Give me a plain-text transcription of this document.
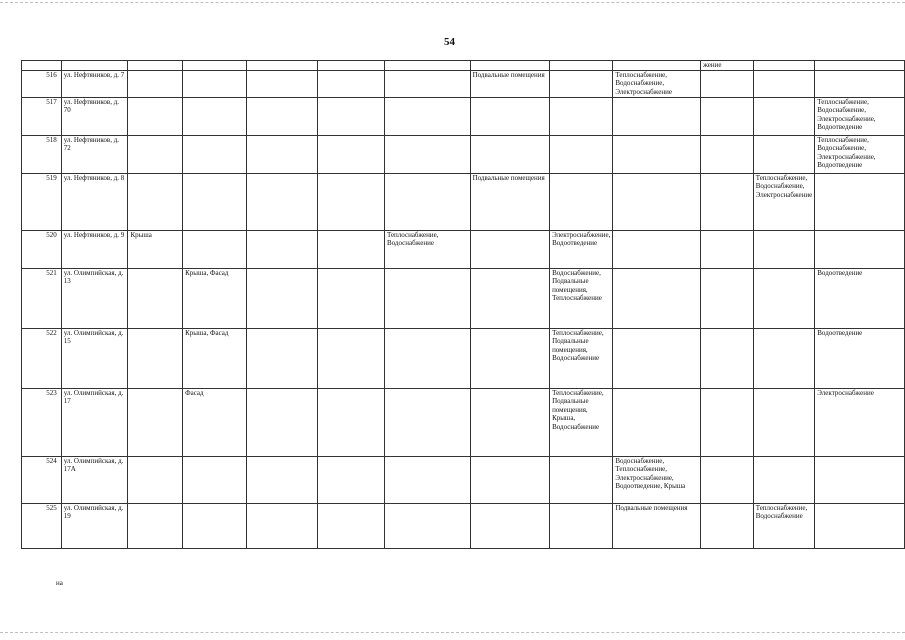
54
										жение		
516	ул. Нефтяников, д. 7						Подвальные помещения		Теплоснабжение, Водоснабжение, Электроснабжение			
517	ул. Нефтяников, д. 70											Теплоснабжение, Водоснабжение, Электроснабжение, Водоотведение
518	ул. Нефтяников, д. 72											Теплоснабжение, Водоснабжение, Электроснабжение, Водоотведение
519	ул. Нефтяников, д. 8						Подвальные помещения				Теплоснабжение, Водоснабжение, Электроснабжение	
520	ул. Нефтяников, д. 9	Крыша				Теплоснабжение, Водоснабжение		Электроснабжение, Водоотведение				
521	ул. Олимпийская, д. 13		Крыша, Фасад					Водоснабжение, Подвальные помещения, Теплоснабжение				Водоотведение
522	ул. Олимпийская, д. 15		Крыша, Фасад					Теплоснабжение, Подвальные помещения, Водоснабжение				Водоотведение
523	ул. Олимпийская, д. 17		Фасад					Теплоснабжение, Подвальные помещения, Крыша, Водоснабжение				Электроснабжение
524	ул. Олимпийская, д. 17А								Водоснабжение, Теплоснабжение, Электроснабжение, Водоотведение, Крыша			
525	ул. Олимпийская, д. 19								Подвальные помещения		Теплоснабжение, Водоснабжение	
на
